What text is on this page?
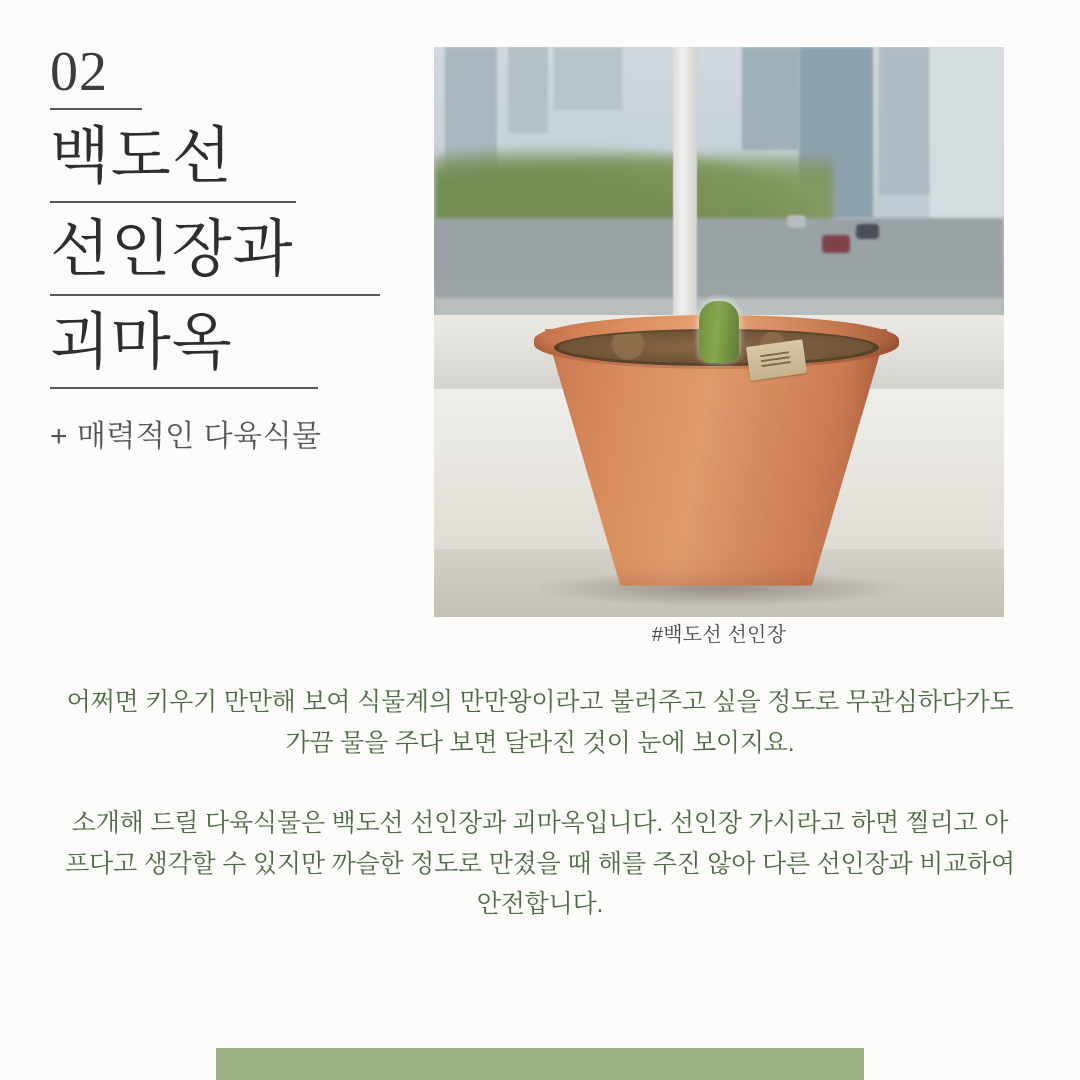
02
백도선
선인장과
괴마옥
+ 매력적인 다육식물
#백도선 선인장

어쩌면 키우기 만만해 보여 식물계의 만만왕이라고 불러주고 싶을 정도로 무관심하다가도 가끔 물을 주다 보면 달라진 것이 눈에 보이지요.

소개해 드릴 다육식물은 백도선 선인장과 괴마옥입니다. 선인장 가시라고 하면 찔리고 아프다고 생각할 수 있지만 까슬한 정도로 만졌을 때 해를 주진 않아 다른 선인장과 비교하여 안전합니다.
